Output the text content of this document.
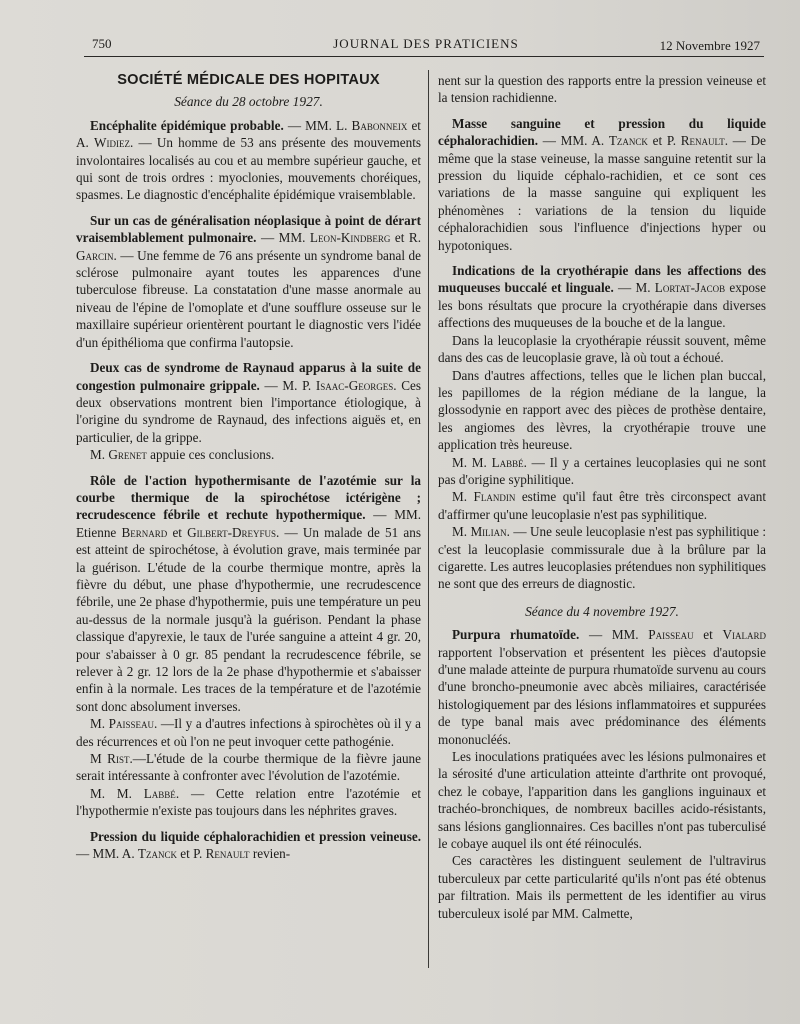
750	JOURNAL DES PRATICIENS	12 Novembre 1927
SOCIÉTÉ MÉDICALE DES HOPITAUX
Séance du 28 octobre 1927.

Encéphalite épidémique probable. — MM. L. Babonneix et A. Widiez. — Un homme de 53 ans présente des mouvements involontaires localisés au cou et au membre supérieur gauche, et qui sont de trois ordres : myoclonies, mouvements choréiques, spasmes. Le diagnostic d'encéphalite épidémique vraisemblable.

Sur un cas de généralisation néoplasique à point de dérart vraisemblablement pulmonaire. — MM. Leon-Kindberg et R. Garcin. — Une femme de 76 ans présente un syndrome banal de sclérose pulmonaire ayant toutes les apparences d'une tuberculose fibreuse. La constatation d'une masse anormale au niveau de l'épine de l'omoplate et d'une soufflure osseuse sur le maxillaire supérieur orientèrent pourtant le diagnostic vers l'idée d'un épithélioma que confirma l'autopsie.

Deux cas de syndrome de Raynaud apparus à la suite de congestion pulmonaire grippale. — M. P. Isaac-Georges. Ces deux observations montrent bien l'importance étiologique, à l'origine du syndrome de Raynaud, des infections aiguës et, en particulier, de la grippe.

M. Grenet appuie ces conclusions.

Rôle de l'action hypothermisante de l'azotémie sur la courbe thermique de la spirochétose ictérigène ; recrudescence fébrile et rechute hypothermique. — MM. Etienne Bernard et Gilbert-Dreyfus. — Un malade de 51 ans est atteint de spirochétose, à évolution grave, mais terminée par la guérison. L'étude de la courbe thermique montre, après la fièvre du début, une phase d'hypothermie, une recrudescence fébrile, une 2e phase d'hypothermie, puis une température un peu au-dessus de la normale jusqu'à la guérison. Pendant la phase classique d'apyrexie, le taux de l'urée sanguine a atteint 4 gr. 20, pour s'abaisser à 0 gr. 85 pendant la recrudescence fébrile, se relever à 2 gr. 12 lors de la 2e phase d'hypothermie et s'abaisser enfin à la normale. Les traces de la température et de l'azotémie sont donc absolument inverses.

M. Paisseau. —Il y a d'autres infections à spirochètes où il y a des récurrences et où l'on ne peut invoquer cette pathogénie.

M Rist.—L'étude de la courbe thermique de la fièvre jaune serait intéressante à confronter avec l'évolution de l'azotémie.

M. M. Labbé. — Cette relation entre l'azotémie et l'hypothermie n'existe pas toujours dans les néphrites graves.

Pression du liquide céphalorachidien et pression veineuse. — MM. A. Tzanck et P. Renault revien-

nent sur la question des rapports entre la pression veineuse et la tension rachidienne.

Masse sanguine et pression du liquide céphalorachidien. — MM. A. Tzanck et P. Renault. — De même que la stase veineuse, la masse sanguine retentit sur la pression du liquide céphalo-rachidien, et ce sont ces variations de la masse sanguine qui expliquent les phénomènes : variations de la tension du liquide céphalorachidien sous l'influence d'injections hyper ou hypotoniques.

Indications de la cryothérapie dans les affections des muqueuses buccalé et linguale. — M. Lortat-Jacob expose les bons résultats que procure la cryothérapie dans diverses affections des muqueuses de la bouche et de la langue.

Dans la leucoplasie la cryothérapie réussit souvent, même dans des cas de leucoplasie grave, là où tout a échoué.

Dans d'autres affections, telles que le lichen plan buccal, les papillomes de la région médiane de la langue, la glossodynie en rapport avec des pièces de prothèse dentaire, les angiomes des lèvres, la cryothérapie trouve une application très heureuse.

M. M. Labbé. — Il y a certaines leucoplasies qui ne sont pas d'origine syphilitique.

M. Flandin estime qu'il faut être très circonspect avant d'affirmer qu'une leucoplasie n'est pas syphilitique.

M. Milian. — Une seule leucoplasie n'est pas syphilitique : c'est la leucoplasie commissurale due à la brûlure par la cigarette. Les autres leucoplasies prétendues non syphilitiques ne sont que des erreurs de diagnostic.

Séance du 4 novembre 1927.

Purpura rhumatoïde. — MM. Paisseau et Vialard rapportent l'observation et présentent les pièces d'autopsie d'une malade atteinte de purpura rhumatoïde survenu au cours d'une broncho-pneumonie avec abcès miliaires, caractérisée histologiquement par des lésions inflammatoires et suppurées de type banal mais avec prédominance des éléments mononucléés.

Les inoculations pratiquées avec les lésions pulmonaires et la sérosité d'une articulation atteinte d'arthrite ont provoqué, chez le cobaye, l'apparition dans les ganglions inguinaux et trachéo-bronchiques, de nombreux bacilles acido-résistants, sans lésions ganglionnaires. Ces bacilles n'ont pas tuberculisé le cobaye auquel ils ont été réinoculés.

Ces caractères les distinguent seulement de l'ultravirus tuberculeux par cette particularité qu'ils n'ont pas été obtenus par filtration. Mais ils permettent de les identifier au virus tuberculeux isolé par MM. Calmette,
